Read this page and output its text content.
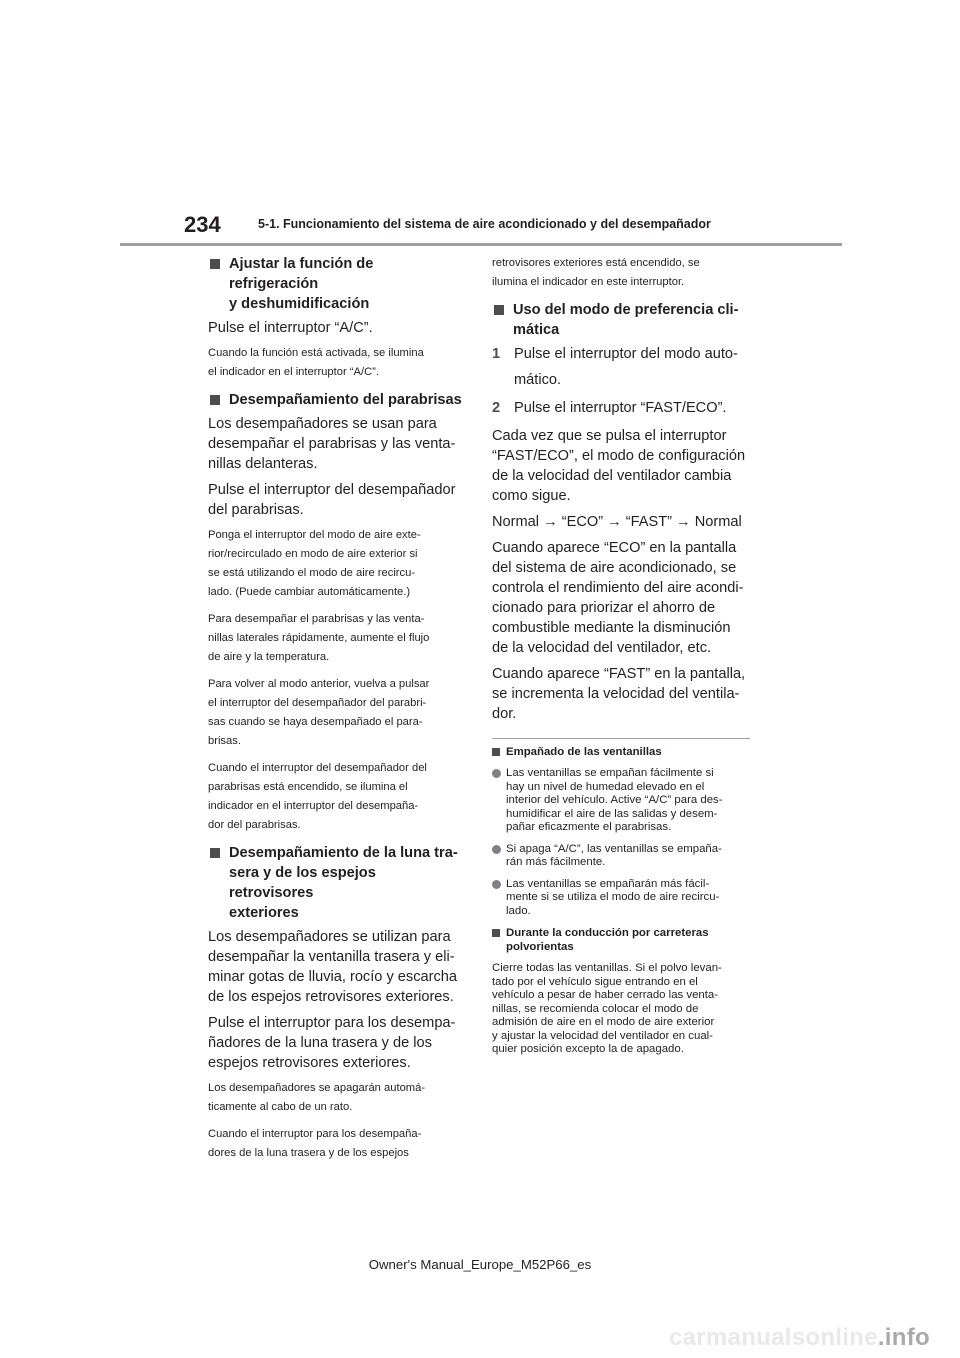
234	5-1. Funcionamiento del sistema de aire acondicionado y del desempañador
Ajustar la función de refrigeración
y deshumidificación
Pulse el interruptor “A/C”.
Cuando la función está activada, se ilumina
el indicador en el interruptor “A/C”.
Desempañamiento del parabrisas
Los desempañadores se usan para
desempañar el parabrisas y las venta-
nillas delanteras.
Pulse el interruptor del desempañador
del parabrisas.
Ponga el interruptor del modo de aire exte-
rior/recirculado en modo de aire exterior si
se está utilizando el modo de aire recircu-
lado. (Puede cambiar automáticamente.)
Para desempañar el parabrisas y las venta-
nillas laterales rápidamente, aumente el flujo
de aire y la temperatura.
Para volver al modo anterior, vuelva a pulsar
el interruptor del desempañador del parabri-
sas cuando se haya desempañado el para-
brisas.
Cuando el interruptor del desempañador del
parabrisas está encendido, se ilumina el
indicador en el interruptor del desempaña-
dor del parabrisas.
Desempañamiento de la luna tra-
sera y de los espejos retrovisores
exteriores
Los desempañadores se utilizan para
desempañar la ventanilla trasera y eli-
minar gotas de lluvia, rocío y escarcha
de los espejos retrovisores exteriores.
Pulse el interruptor para los desempa-
ñadores de la luna trasera y de los
espejos retrovisores exteriores.
Los desempañadores se apagarán automá-
ticamente al cabo de un rato.
Cuando el interruptor para los desempaña-
dores de la luna trasera y de los espejos
retrovisores exteriores está encendido, se
ilumina el indicador en este interruptor.
Uso del modo de preferencia cli-
mática
1 Pulse el interruptor del modo auto-
mático.
2 Pulse el interruptor “FAST/ECO”.
Cada vez que se pulsa el interruptor
“FAST/ECO”, el modo de configuración
de la velocidad del ventilador cambia
como sigue.
Normal → “ECO” → “FAST” → Normal
Cuando aparece “ECO” en la pantalla
del sistema de aire acondicionado, se
controla el rendimiento del aire acondi-
cionado para priorizar el ahorro de
combustible mediante la disminución
de la velocidad del ventilador, etc.
Cuando aparece “FAST” en la pantalla,
se incrementa la velocidad del ventila-
dor.
Empañado de las ventanillas
Las ventanillas se empañan fácilmente si
hay un nivel de humedad elevado en el
interior del vehículo. Active “A/C” para des-
humidificar el aire de las salidas y desem-
pañar eficazmente el parabrisas.
Si apaga “A/C”, las ventanillas se empaña-
rán más fácilmente.
Las ventanillas se empañarán más fácil-
mente si se utiliza el modo de aire recircu-
lado.
Durante la conducción por carreteras
polvorientas
Cierre todas las ventanillas. Si el polvo levan-
tado por el vehículo sigue entrando en el
vehículo a pesar de haber cerrado las venta-
nillas, se recomienda colocar el modo de
admisión de aire en el modo de aire exterior
y ajustar la velocidad del ventilador en cual-
quier posición excepto la de apagado.
Owner's Manual_Europe_M52P66_es
carmanualsonline.info
